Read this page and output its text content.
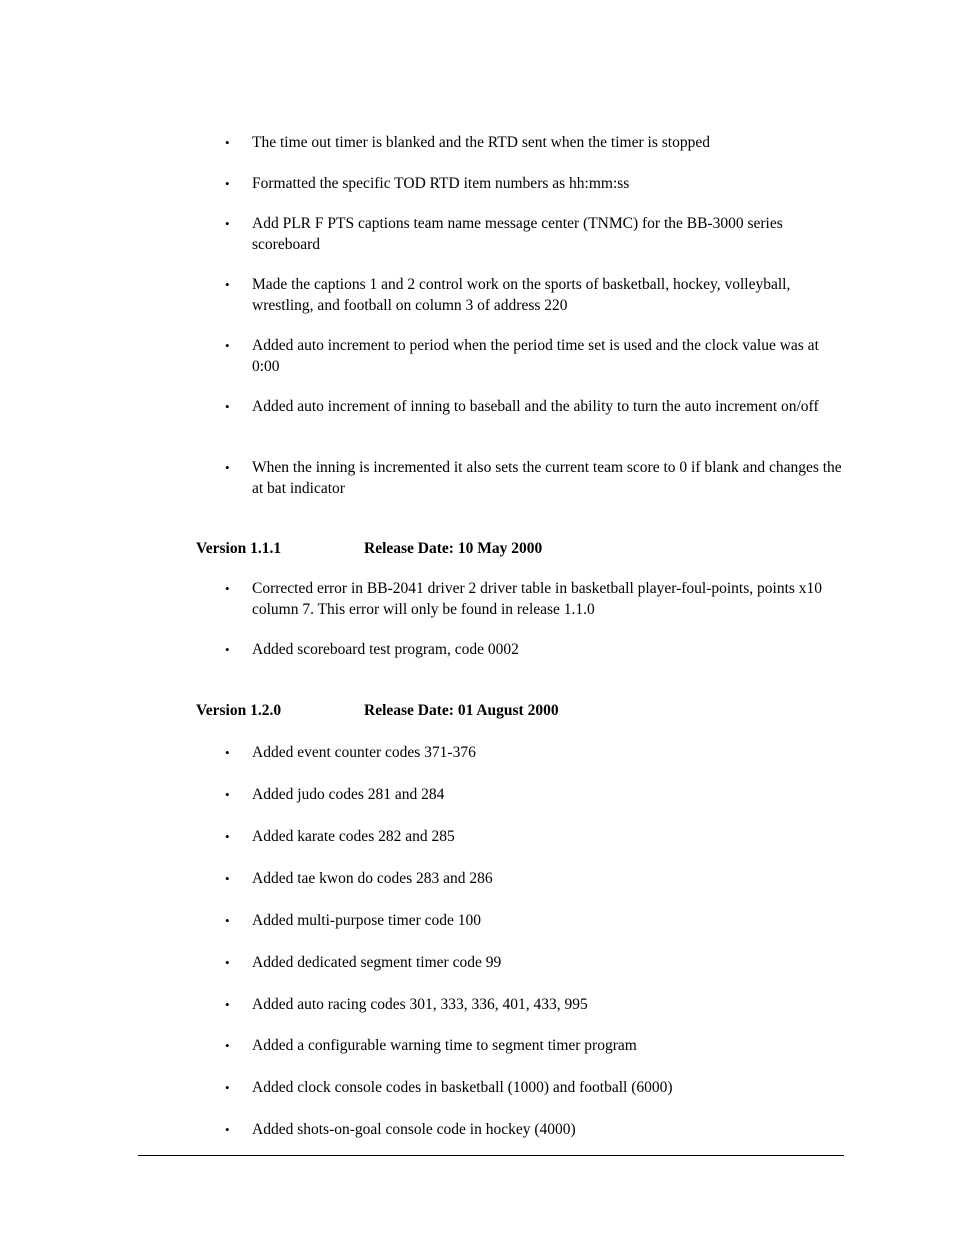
• The time out timer is blanked and the RTD sent when the timer is stopped
• Formatted the specific TOD RTD item numbers as hh:mm:ss
• Add PLR F PTS captions team name message center (TNMC) for the BB-3000 series scoreboard
• Made the captions 1 and 2 control work on the sports of basketball, hockey, volleyball, wrestling, and football on column 3 of address 220
• Added auto increment to period when the period time set is used and the clock value was at 0:00
• Added auto increment of inning to baseball and the ability to turn the auto increment on/off
• When the inning is incremented it also sets the current team score to 0 if blank and changes the at bat indicator
Version 1.1.1	Release Date: 10 May 2000
• Corrected error in BB-2041 driver 2 driver table in basketball player-foul-points, points x10 column 7. This error will only be found in release 1.1.0
• Added scoreboard test program, code 0002
Version 1.2.0	Release Date: 01 August 2000
• Added event counter codes 371-376
• Added judo codes 281 and 284
• Added karate codes 282 and 285
• Added tae kwon do codes 283 and 286
• Added multi-purpose timer code 100
• Added dedicated segment timer code 99
• Added auto racing codes 301, 333, 336, 401, 433, 995
• Added a configurable warning time to segment timer program
• Added clock console codes in basketball (1000) and football (6000)
• Added shots-on-goal console code in hockey (4000)
